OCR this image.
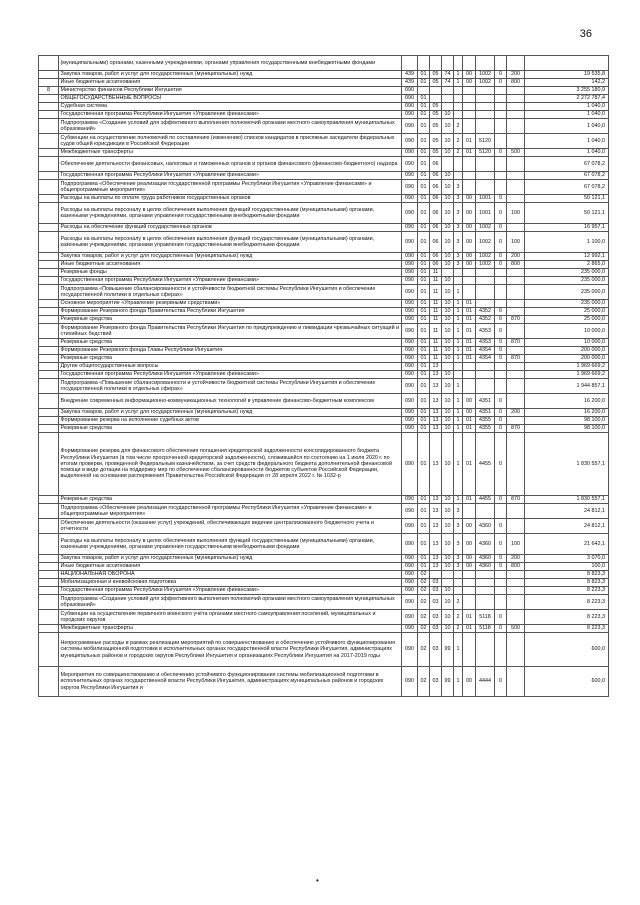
36
	(муниципальными) органами, казенными учреждениями, органами управления государственными внебюджетными фондами										
	Закупка товаров, работ и услуг для государственных (муниципальных) нужд	439	01	05	74	1	00	1002	0	200	19 535,8
	Иные бюджетные ассигнования	439	01	05	74	1	00	1002	0	800	142,2
8	Министерство финансов Республики Ингушетия	090									3 255 180,9
	ОБЩЕГОСУДАРСТВЕННЫЕ ВОПРОСЫ	090	01								2 272 787,4
	Судебная система	090	01	05							1 040,0
	Государственная программа Республики Ингушетия «Управление финансами»	090	01	05	10						1 040,0
	Подпрограмма «Создание условий для эффективного выполнения полномочий органами местного самоуправления муниципальных образований»	090	01	05	10	2					1 040,0
	Субвенции на осуществление полномочий по составлению (изменению) списков кандидатов в присяжные заседатели федеральных судов общей юрисдикции в Российской Федерации	090	01	05	10	2	01	5120			1 040,0
	Межбюджетные трансферты	090	01	05	10	2	01	5120	0	500	1 040,0
	Обеспечение деятельности финансовых, налоговых и таможенных органов и органов финансового (финансово-бюджетного) надзора	090	01	06							67 078,2
	Государственная программа Республики Ингушетия «Управление финансами»	090	01	06	10						67 078,2
	Подпрограмма «Обеспечение реализации государственной программы Республики Ингушетия «Управление финансами» и общепрограммные мероприятия»	090	01	06	10	3					67 078,2
	Расходы на выплаты по оплате труда работников государственных органов	090	01	06	10	3	00	1001	0		50 121,1
	Расходы на выплаты персоналу в целях обеспечения выполнения функций государственными (муниципальными) органами, казенными учреждениями, органами управления государственными внебюджетными фондами	090	01	06	10	3	00	1001	0	100	50 121,1
	Расходы на обеспечение функций государственных органов	090	01	06	10	3	00	1002	0		16 957,1
	Расходы на выплаты персоналу в целях обеспечения выполнения функций государственными (муниципальными) органами, казенными учреждениями, органами управления государственными внебюджетными фондами	090	01	06	10	3	00	1002	0	100	1 100,0
	Закупка товаров, работ и услуг для государственных (муниципальных) нужд	090	01	06	10	3	00	1002	0	200	12 992,1
	Иные бюджетные ассигнования	090	01	06	10	3	00	1002	0	800	2 865,0
	Резервные фонды	090	01	11							235 000,0
	Государственная программа Республики Ингушетия «Управление финансами»	090	01	11	10						235 000,0
	Подпрограмма «Повышение сбалансированности и устойчивости бюджетной системы Республики Ингушетия и обеспечение государственной политики в отдельных сферах»	090	01	11	10	1					235 000,0
	Основное мероприятие «Управление резервными средствами»	090	01	11	10	1	01				235 000,0
	Формирование Резервного фонда Правительства Республики Ингушетия	090	01	11	10	1	01	4352	0		25 000,0
	Резервные средства	090	01	11	10	1	01	4352	0	870	25 000,0
	Формирование Резервного фонда Правительства Республики Ингушетия по предупреждению и ликвидации чрезвычайных ситуаций и стихийных бедствий	090	01	11	10	1	01	4353	0		10 000,0
	Резервные средства	090	01	11	10	1	01	4353	0	870	10 000,0
	Формирование Резервного фонда Главы Республики Ингушетия	090	01	11	10	1	01	4354	0		200 000,0
	Резервные средства	090	01	11	10	1	01	4354	0	870	200 000,0
	Другие общегосударственные вопросы	090	01	13							1 969 669,2
	Государственная программа Республики Ингушетия «Управление финансами»	090	01	13	10						1 969 669,2
	Подпрограмма «Повышение сбалансированности и устойчивости бюджетной системы Республики Ингушетия и обеспечение государственной политики в отдельных сферах»	090	01	13	10	1					1 944 857,1
	Внедрение современных информационно-коммуникационных технологий в управление финансово-бюджетным комплексом	090	01	13	10	1	00	4351	0		16 200,0
	Закупка товаров, работ и услуг для государственных (муниципальных) нужд	090	01	13	10	1	00	4351	0	200	16 200,0
	Формирование резерва на исполнение судебных актов	090	01	13	10	1	01	4355	0		98 100,0
	Резервные средства	090	01	13	10	1	01	4355	0	870	98 100,0
	Формирование резерва для финансового обеспечения погашения кредиторской задолженности консолидированного бюджета Республики Ингушетия (в том числе просроченной кредиторской задолженности), сложившейся по состоянию на 1 июля 2020 г. по итогам проверки, проведенной Федеральным казначейством, за счет средств федерального бюджета дополнительной финансовой помощи в виде дотации на поддержку мер по обеспечению сбалансированности бюджетов субъектов Российской Федерации, выделенной на основании распоряжения Правительства Российской Федерации от 28 апреля 2022 г. № 1032-р	090	01	13	10	1	01	4455	0		1 830 557,1
	Резервные средства	090	01	13	10	1	01	4455	0	870	1 830 557,1
	Подпрограмма «Обеспечение реализации государственной программы Республики Ингушетия «Управление финансами» и общепрограммные мероприятия»	090	01	13	10	3					24 812,1
	Обеспечение деятельности (оказание услуг) учреждений, обеспечивающих ведение централизованного бюджетного учета и отчетности	090	01	13	10	3	00	4360	0		24 812,1
	Расходы на выплаты персоналу в целях обеспечения выполнения функций государственными (муниципальными) органами, казенными учреждениями, органами управления государственными внебюджетными фондами	090	01	13	10	3	00	4360	0	100	21 642,1
	Закупка товаров, работ и услуг для государственных (муниципальных) нужд	090	01	13	10	3	00	4360	0	200	3 070,0
	Иные бюджетные ассигнования	090	01	13	10	3	00	4360	0	800	100,0
	НАЦИОНАЛЬНАЯ ОБОРОНА	090	02								8 823,3
	Мобилизационная и вневойсковая подготовка	090	02	03							8 823,3
	Государственная программа Республики Ингушетия «Управление финансами»	090	02	03	10						8 223,3
	Подпрограмма «Создание условий для эффективного выполнения полномочий органами местного самоуправления муниципальных образований»	090	02	03	10	2					8 223,3
	Субвенции на осуществление первичного воинского учёта органами местного самоуправления поселений, муниципальных и городских округов	090	02	03	10	2	01	5118	0		8 223,3
	Межбюджетные трансферты	090	02	03	10	2	01	5118	0	500	8 223,3
	Непрограммные расходы в рамках реализации мероприятий по совершенствованию и обеспечению устойчивого функционирования системы мобилизационной подготовки в исполнительных органах государственной власти Республики Ингушетия, администрациях муниципальных районов и городских округов Республики Ингушетия и организациях Республики Ингушетия на 2017-2019 годы	090	02	03	99	1					600,0
	Мероприятия по совершенствованию и обеспечению устойчивого функционирования системы мобилизационной подготовки в исполнительных органах государственной власти Республики Ингушетия, администрациях муниципальных районов и городских округов Республики Ингушетия и	090	02	03	99	1	00	4444	0		600,0
•
